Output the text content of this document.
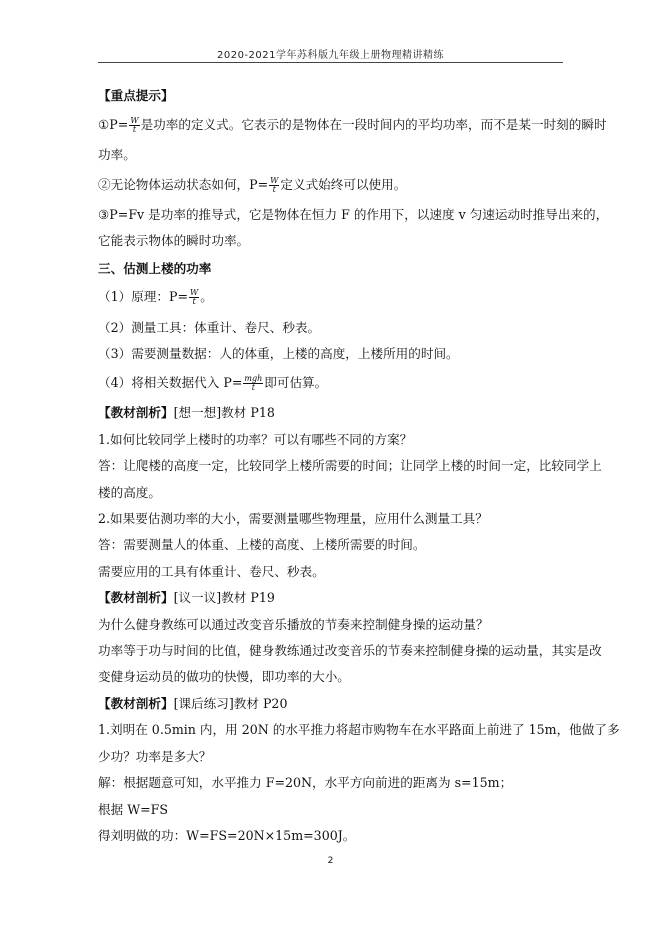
2020-2021学年苏科版九年级上册物理精讲精练
【重点提示】
①P= $\frac{W}{t}$ 是功率的定义式。它表示的是物体在一段时间内的平均功率，而不是某一时刻的瞬时
功率。
②无论物体运动状态如何，$P= \frac{W}{t}$ 定义式始终可以使用。
③P=Fv 是功率的推导式，它是物体在恒力 F 的作用下，以速度 v 匀速运动时推导出来的，
它能表示物体的瞬时功率。
三、估测上楼的功率
（1）原理：$P= \frac{W}{t}$ 。
（2）测量工具：体重计、卷尺、秒表。
（3）需要测量数据：人的体重，上楼的高度，上楼所用的时间。
（4）将相关数据代入 $P= \frac{\text{mgh}}{t}$ 即可估算。
【教材剖析】[想一想]教材 P18
1.如何比较同学上楼时的功率？可以有哪些不同的方案？
答：让爬楼的高度一定，比较同学上楼所需要的时间；让同学上楼的时间一定，比较同学上
楼的高度。
2.如果要估测功率的大小，需要测量哪些物理量，应用什么测量工具？
答：需要测量人的体重、上楼的高度、上楼所需要的时间。
需要应用的工具有体重计、卷尺、秒表。
【教材剖析】[议一议]教材 P19
为什么健身教练可以通过改变音乐播放的节奏来控制健身操的运动量？
功率等于功与时间的比值，健身教练通过改变音乐的节奏来控制健身操的运动量，其实是改
变健身运动员的做功的快慢，即功率的大小。
【教材剖析】[课后练习]教材 P20
1.刘明在 0.5min 内，用 20N 的水平推力将超市购物车在水平路面上前进了 15m，他做了多
少功？功率是多大？
解：根据题意可知，水平推力 F=20N，水平方向前进的距离为 s=15m；
根据 W=FS
得刘明做的功：W=FS=20N×15m=300J。
2
